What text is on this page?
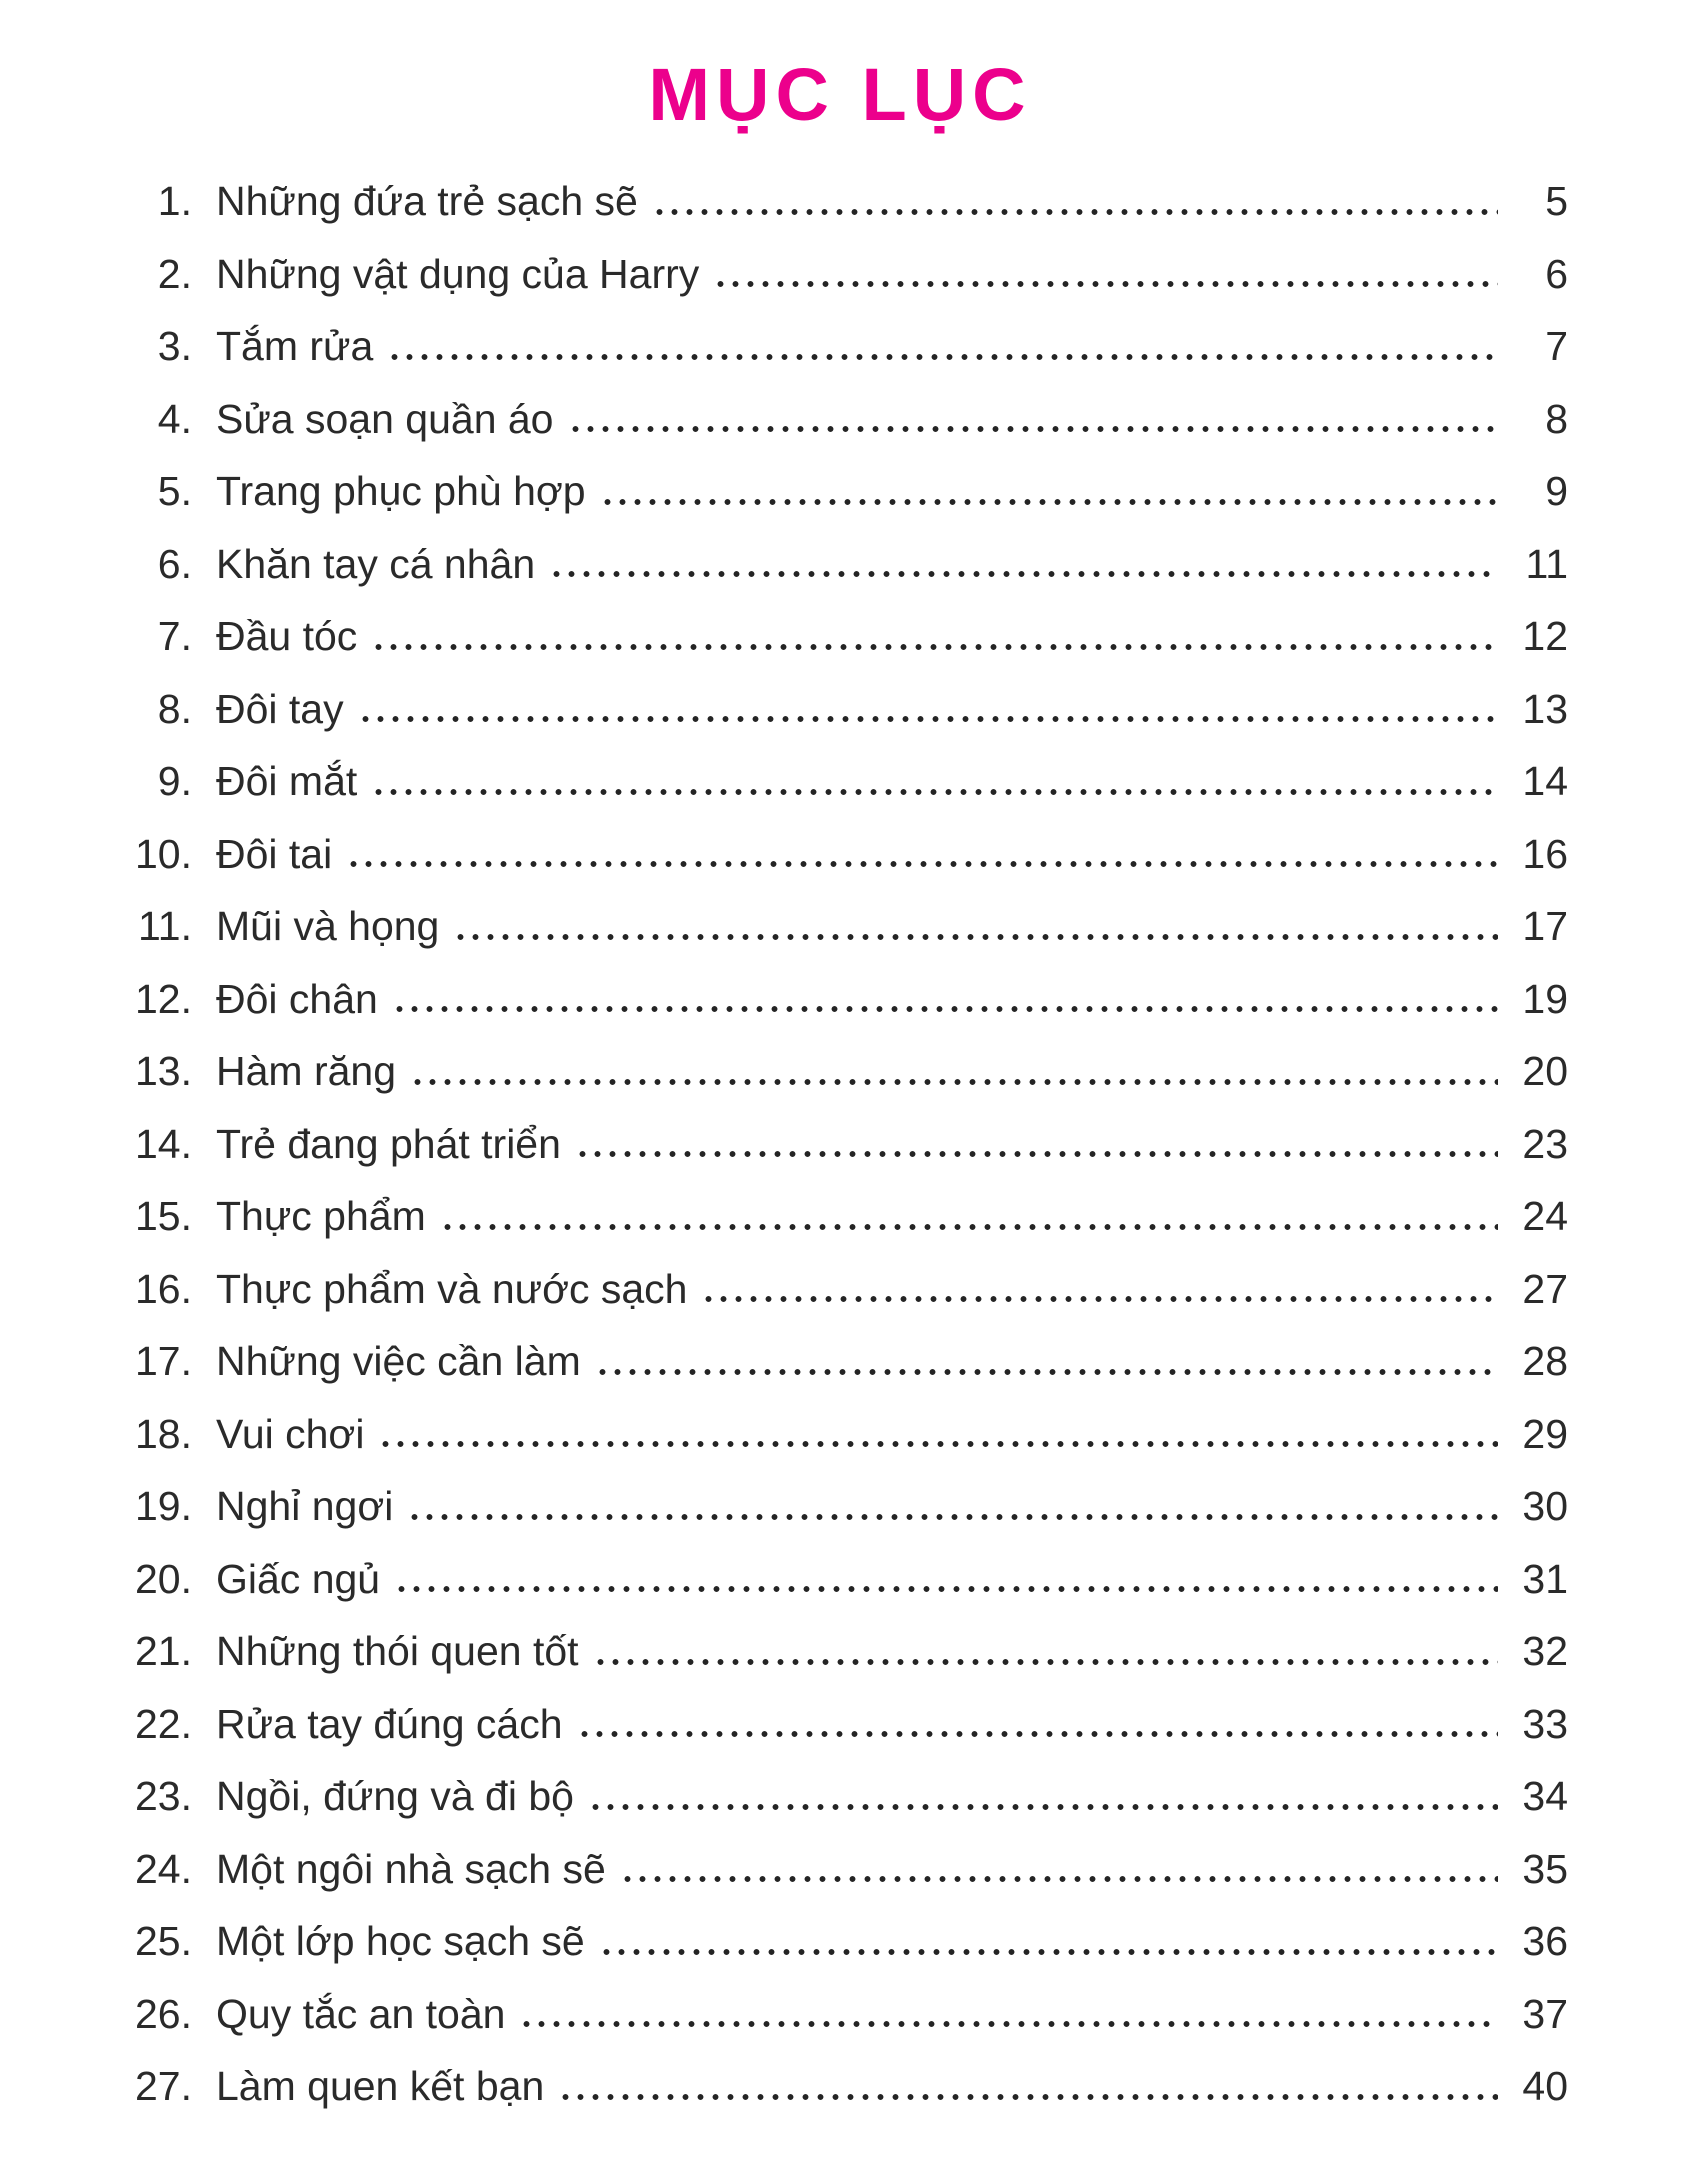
MỤC LỤC
1. Những đứa trẻ sạch sẽ	5
2. Những vật dụng của Harry	6
3. Tắm rửa	7
4. Sửa soạn quần áo	8
5. Trang phục phù hợp	9
6. Khăn tay cá nhân	11
7. Đầu tóc	12
8. Đôi tay	13
9. Đôi mắt	14
10. Đôi tai	16
11. Mũi và họng	17
12. Đôi chân	19
13. Hàm răng	20
14. Trẻ đang phát triển	23
15. Thực phẩm	24
16. Thực phẩm và nước sạch	27
17. Những việc cần làm	28
18. Vui chơi	29
19. Nghỉ ngơi	30
20. Giấc ngủ	31
21. Những thói quen tốt	32
22. Rửa tay đúng cách	33
23. Ngồi, đứng và đi bộ	34
24. Một ngôi nhà sạch sẽ	35
25. Một lớp học sạch sẽ	36
26. Quy tắc an toàn	37
27. Làm quen kết bạn	40
